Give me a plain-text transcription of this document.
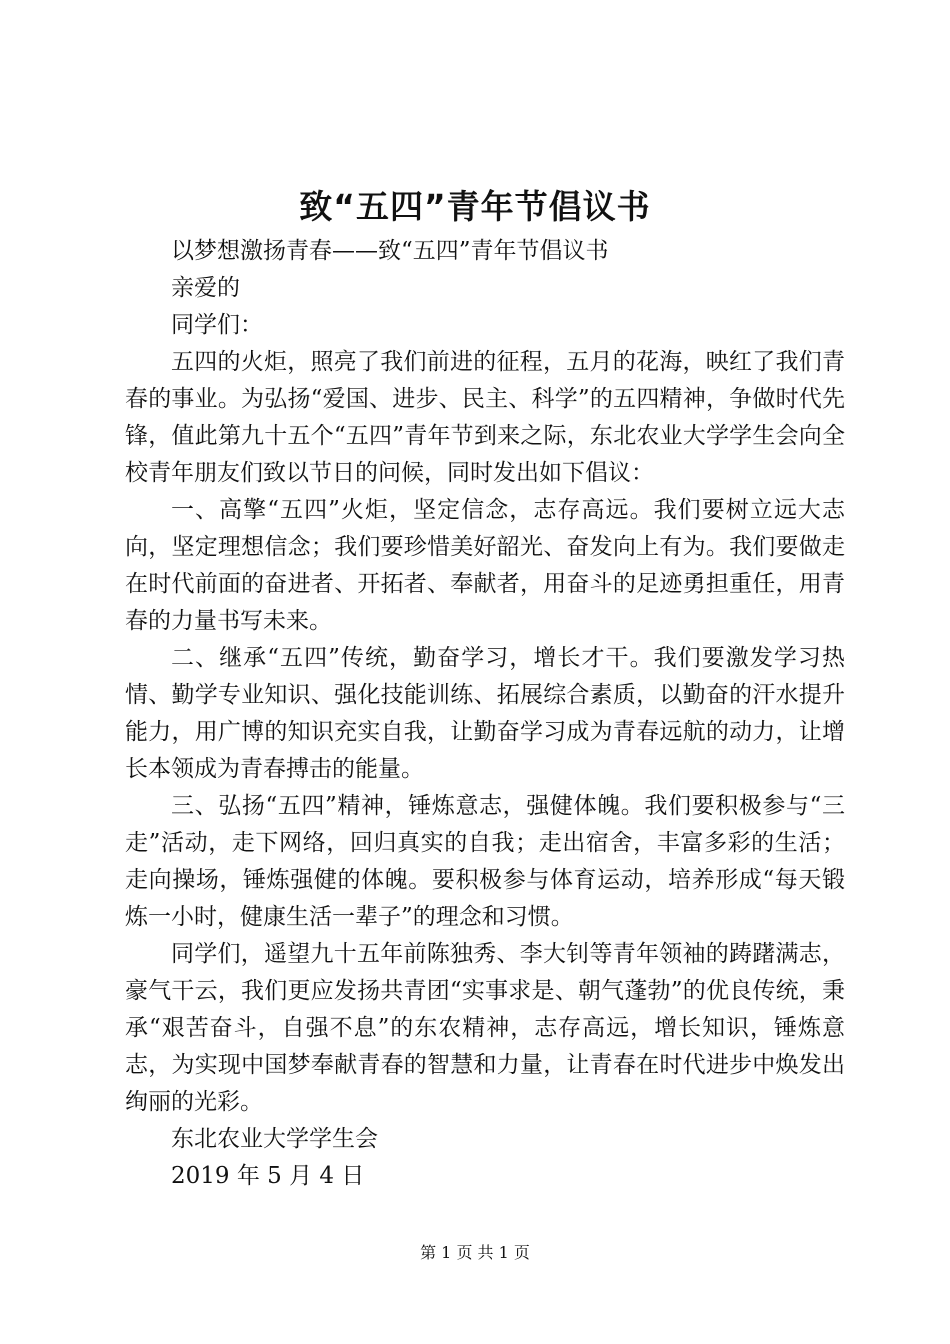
致“五四”青年节倡议书

以梦想激扬青春——致“五四”青年节倡议书

亲爱的

同学们：

五四的火炬，照亮了我们前进的征程，五月的花海，映红了我们青春的事业。为弘扬“爱国、进步、民主、科学”的五四精神，争做时代先锋，值此第九十五个“五四”青年节到来之际，东北农业大学学生会向全校青年朋友们致以节日的问候，同时发出如下倡议：

一、高擎“五四”火炬，坚定信念，志存高远。我们要树立远大志向，坚定理想信念；我们要珍惜美好韶光、奋发向上有为。我们要做走在时代前面的奋进者、开拓者、奉献者，用奋斗的足迹勇担重任，用青春的力量书写未来。

二、继承“五四”传统，勤奋学习，增长才干。我们要激发学习热情、勤学专业知识、强化技能训练、拓展综合素质，以勤奋的汗水提升能力，用广博的知识充实自我，让勤奋学习成为青春远航的动力，让增长本领成为青春搏击的能量。

三、弘扬“五四”精神，锤炼意志，强健体魄。我们要积极参与“三走”活动，走下网络，回归真实的自我；走出宿舍，丰富多彩的生活；走向操场，锤炼强健的体魄。要积极参与体育运动，培养形成“每天锻炼一小时，健康生活一辈子”的理念和习惯。

同学们，遥望九十五年前陈独秀、李大钊等青年领袖的踌躇满志，豪气干云，我们更应发扬共青团“实事求是、朝气蓬勃”的优良传统，秉承“艰苦奋斗，自强不息”的东农精神，志存高远，增长知识，锤炼意志，为实现中国梦奉献青春的智慧和力量，让青春在时代进步中焕发出绚丽的光彩。

东北农业大学学生会

2019 年 5 月 4 日

第 1 页 共 1 页
